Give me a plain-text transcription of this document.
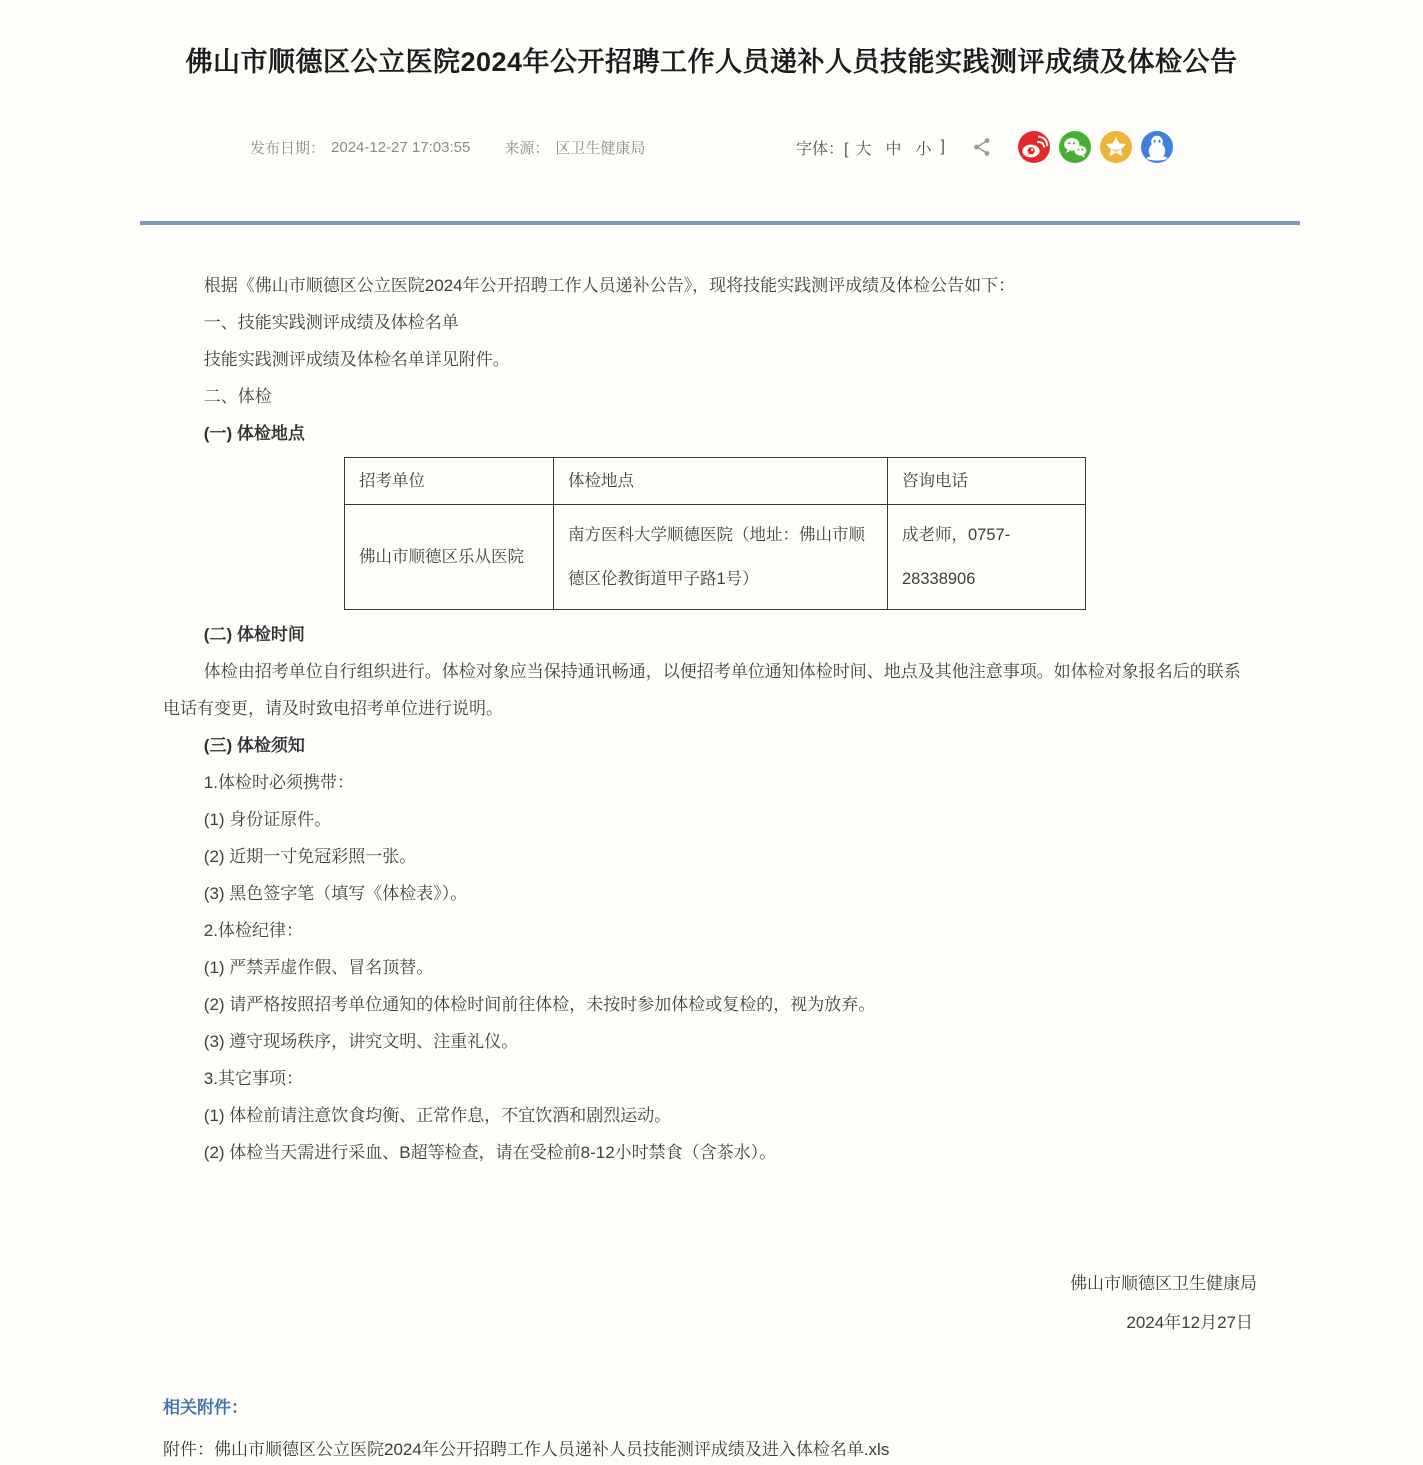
佛山市顺德区公立医院2024年公开招聘工作人员递补人员技能实践测评成绩及体检公告
发布日期： 2024-12-27 17:03:55 来源： 区卫生健康局	字体：[ 大 中 小 ]

根据《佛山市顺德区公立医院2024年公开招聘工作人员递补公告》，现将技能实践测评成绩及体检公告如下：

一、技能实践测评成绩及体检名单

技能实践测评成绩及体检名单详见附件。

二、体检

(一) 体检地点

招考单位	体检地点	咨询电话
佛山市顺德区乐从医院	南方医科大学顺德医院（地址：佛山市顺德区伦教街道甲子路1号）	成老师，0757-28338906

(二) 体检时间

体检由招考单位自行组织进行。体检对象应当保持通讯畅通，以便招考单位通知体检时间、地点及其他注意事项。如体检对象报名后的联系电话有变更，请及时致电招考单位进行说明。

(三) 体检须知

1.体检时必须携带：

(1) 身份证原件。

(2) 近期一寸免冠彩照一张。

(3) 黑色签字笔（填写《体检表》）。

2.体检纪律：

(1) 严禁弄虚作假、冒名顶替。

(2) 请严格按照招考单位通知的体检时间前往体检，未按时参加体检或复检的，视为放弃。

(3) 遵守现场秩序，讲究文明、注重礼仪。

3.其它事项：

(1) 体检前请注意饮食均衡、正常作息，不宜饮酒和剧烈运动。

(2) 体检当天需进行采血、B超等检查，请在受检前8-12小时禁食（含茶水）。

佛山市顺德区卫生健康局
2024年12月27日
相关附件：
附件：佛山市顺德区公立医院2024年公开招聘工作人员递补人员技能测评成绩及进入体检名单.xls
